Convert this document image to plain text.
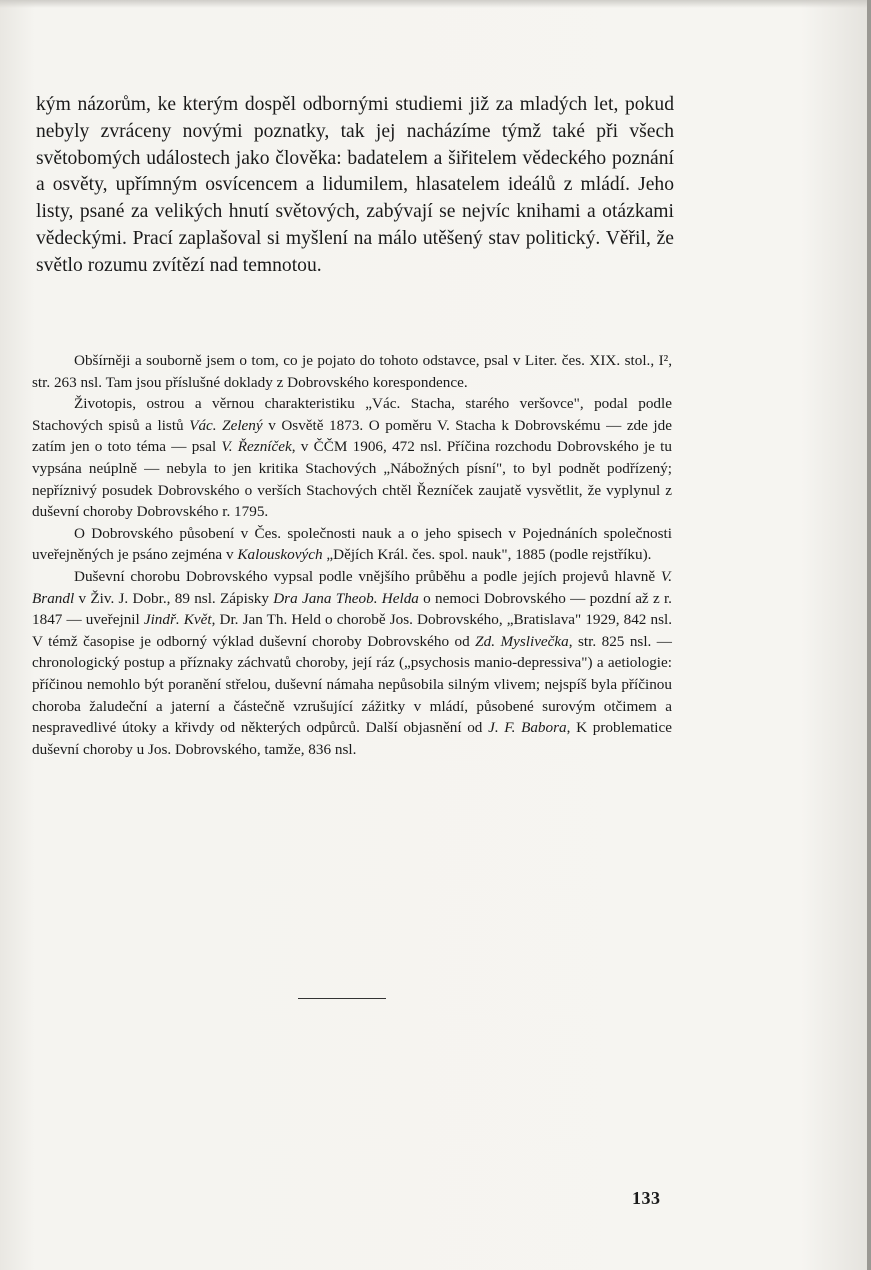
kým názorům, ke kterým dospěl odbornými studiemi již za mladých let, pokud nebyly zvráceny novými poznatky, tak jej nacházíme týmž také při všech světobomých událostech jako člověka: badatelem a šiřitelem vědeckého poznání a osvěty, upřímným osvícencem a lidumilem, hlasatelem ideálů z mládí. Jeho listy, psané za velikých hnutí světových, zabývají se nejvíc knihami a otázkami vědeckými. Prací zaplašoval si myšlení na málo utěšený stav politický. Věřil, že světlo rozumu zvítězí nad temnotou.

Obšírněji a souborně jsem o tom, co je pojato do tohoto odstavce, psal v Liter. čes. XIX. stol., I², str. 263 nsl. Tam jsou příslušné doklady z Dobrovského korespondence.

Životopis, ostrou a věrnou charakteristiku „Vác. Stacha, starého veršovce", podal podle Stachových spisů a listů Vác. Zelený v Osvětě 1873. O poměru V. Stacha k Dobrovskému — zde jde zatím jen o toto téma — psal V. Řezníček, v ČČM 1906, 472 nsl. Příčina rozchodu Dobrovského je tu vypsána neúplně — nebyla to jen kritika Stachových „Nábožných písní", to byl podnět podřízený; nepříznivý posudek Dobrovského o verších Stachových chtěl Řezníček zaujatě vysvětlit, že vyplynul z duševní choroby Dobrovského r. 1795.

O Dobrovského působení v Čes. společnosti nauk a o jeho spisech v Pojednáních společnosti uveřejněných je psáno zejména v Kalouskových „Dějích Král. čes. spol. nauk", 1885 (podle rejstříku).

Duševní chorobu Dobrovského vypsal podle vnějšího průběhu a podle jejích projevů hlavně V. Brandl v Živ. J. Dobr., 89 nsl. Zápisky Dra Jana Theob. Helda o nemoci Dobrovského — pozdní až z r. 1847 — uveřejnil Jindř. Květ, Dr. Jan Th. Held o chorobě Jos. Dobrovského, „Bratislava" 1929, 842 nsl. V témž časopise je odborný výklad duševní choroby Dobrovského od Zd. Myslivečka, str. 825 nsl. — chronologický postup a příznaky záchvatů choroby, její ráz („psychosis manio-depressiva") a aetiologie: příčinou nemohlo být poranění střelou, duševní námaha nepůsobila silným vlivem; nejspíš byla příčinou choroba žaludeční a jaterní a částečně vzrušující zážitky v mládí, působené surovým otčimem a nespravedlivé útoky a křivdy od některých odpůrců. Další objasnění od J. F. Babora, K problematice duševní choroby u Jos. Dobrovského, tamže, 836 nsl.

133
